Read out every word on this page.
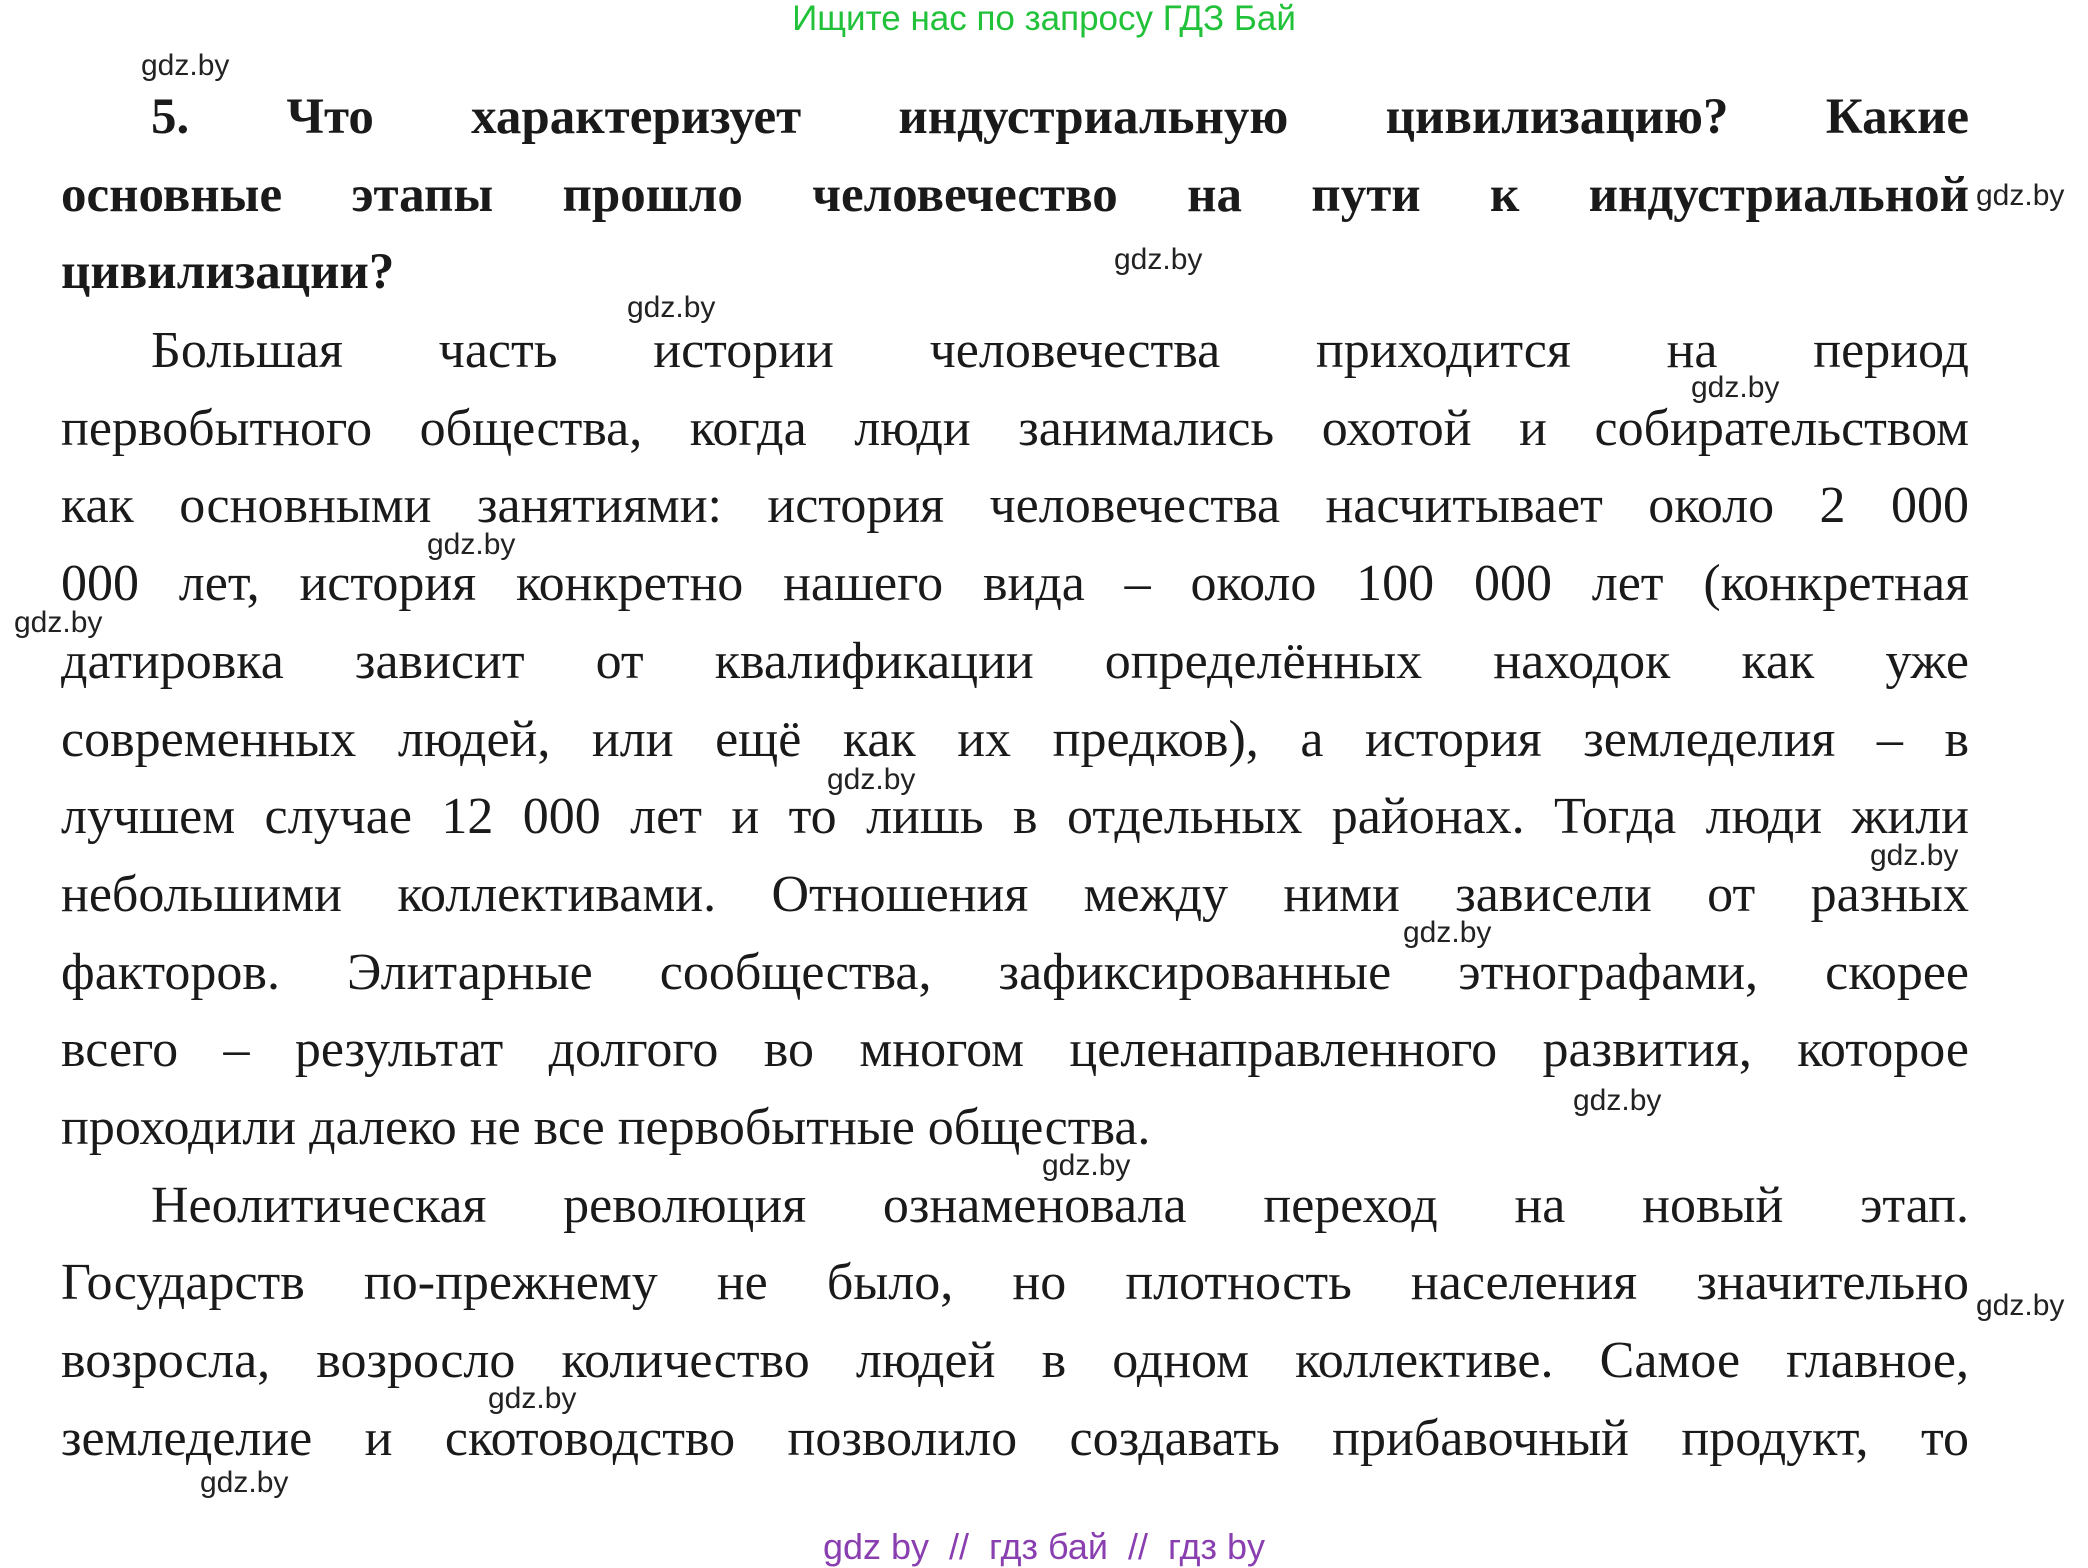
Ищите нас по запросу ГДЗ Бай
5. Что характеризует индустриальную цивилизацию? Какие
основные этапы прошло человечество на пути к индустриальной
цивилизации?
Большая часть истории человечества приходится на период
первобытного общества, когда люди занимались охотой и собирательством
как основными занятиями: история человечества насчитывает около 2 000
000 лет, история конкретно нашего вида – около 100 000 лет (конкретная
датировка зависит от квалификации определённых находок как уже
современных людей, или ещё как их предков), а история земледелия – в
лучшем случае 12 000 лет и то лишь в отдельных районах. Тогда люди жили
небольшими коллективами. Отношения между ними зависели от разных
факторов. Элитарные сообщества, зафиксированные этнографами, скорее
всего – результат долгого во многом целенаправленного развития, которое
проходили далеко не все первобытные общества.
Неолитическая революция ознаменовала переход на новый этап.
Государств по-прежнему не было, но плотность населения значительно
возросла, возросло количество людей в одном коллективе. Самое главное,
земледелие и скотоводство позволило создавать прибавочный продукт, то
gdz.by
gdz.by
gdz.by
gdz.by
gdz.by
gdz.by
gdz.by
gdz.by
gdz.by
gdz.by
gdz.by
gdz.by
gdz.by
gdz.by
gdz.by
gdz by  //  гдз бай  //  гдз by
